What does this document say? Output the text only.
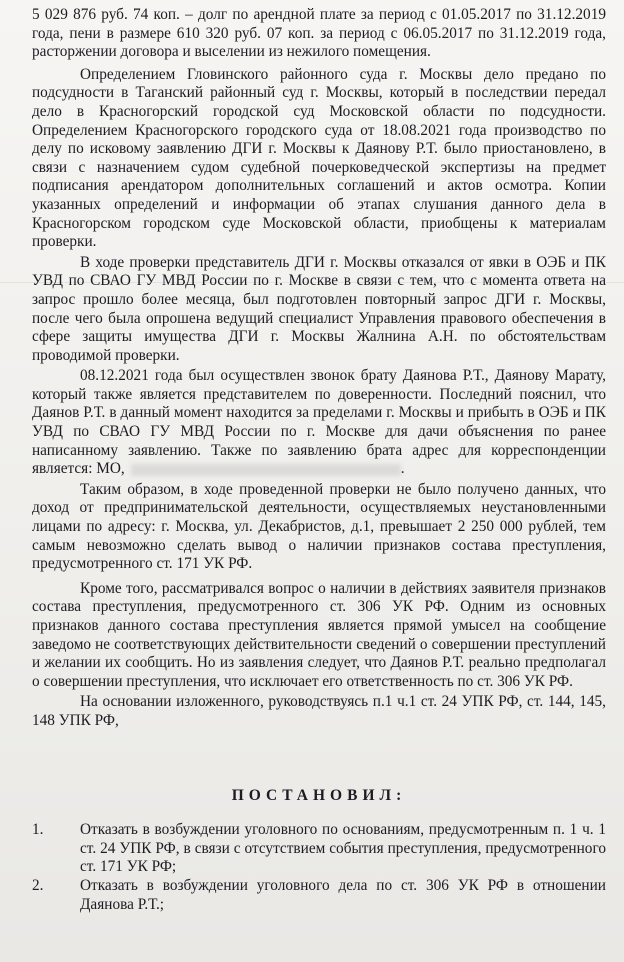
5 029 876 руб. 74 коп. – долг по арендной плате за период с 01.05.2017 по 31.12.2019 года, пени в размере 610 320 руб. 07 коп. за период с 06.05.2017 по 31.12.2019 года, расторжении договора и выселении из нежилого помещения.

Определением Гловинского районного суда г. Москвы дело предано по подсудности в Таганский районный суд г. Москвы, который в последствии передал дело в Красногорский городской суд Московской области по подсудности. Определением Красногорского городского суда от 18.08.2021 года производство по делу по исковому заявлению ДГИ г. Москвы к Даянову Р.Т. было приостановлено, в связи с назначением судом судебной почерковедческой экспертизы на предмет подписания арендатором дополнительных соглашений и актов осмотра. Копии указанных определений и информации об этапах слушания данного дела в Красногорском городском суде Московской области, приобщены к материалам проверки.

В ходе проверки представитель ДГИ г. Москвы отказался от явки в ОЭБ и ПК УВД по СВАО ГУ МВД России по г. Москве в связи с тем, что с момента ответа на запрос прошло более месяца, был подготовлен повторный запрос ДГИ г. Москвы, после чего была опрошена ведущий специалист Управления правового обеспечения в сфере защиты имущества ДГИ г. Москвы Жалнина А.Н. по обстоятельствам проводимой проверки.

08.12.2021 года был осуществлен звонок брату Даянова Р.Т., Даянову Марату, который также является представителем по доверенности. Последний пояснил, что Даянов Р.Т. в данный момент находится за пределами г. Москвы и прибыть в ОЭБ и ПК УВД по СВАО ГУ МВД России по г. Москве для дачи объяснения по ранее написанному заявлению. Также по заявлению брата адрес для корреспонденции является: МО,	.

Таким образом, в ходе проведенной проверки не было получено данных, что доход от предпринимательской деятельности, осуществляемых неустановленными лицами по адресу: г. Москва, ул. Декабристов, д.1, превышает 2 250 000 рублей, тем самым невозможно сделать вывод о наличии признаков состава преступления, предусмотренного ст. 171 УК РФ.

Кроме того, рассматривался вопрос о наличии в действиях заявителя признаков состава преступления, предусмотренного ст. 306 УК РФ. Одним из основных признаков данного состава преступления является прямой умысел на сообщение заведомо не соответствующих действительности сведений о совершении преступлений и желании их сообщить. Но из заявления следует, что Даянов Р.Т. реально предполагал о совершении преступления, что исключает его ответственность по ст. 306 УК РФ.

На основании изложенного, руководствуясь п.1 ч.1 ст. 24 УПК РФ, ст. 144, 145, 148 УПК РФ,

ПОСТАНОВИЛ:
1.	Отказать в возбуждении уголовного по основаниям, предусмотренным п. 1 ч. 1 ст. 24 УПК РФ, в связи с отсутствием события преступления, предусмотренного ст. 171 УК РФ;
2.	Отказать в возбуждении уголовного дела по ст. 306 УК РФ в отношении Даянова Р.Т.;
